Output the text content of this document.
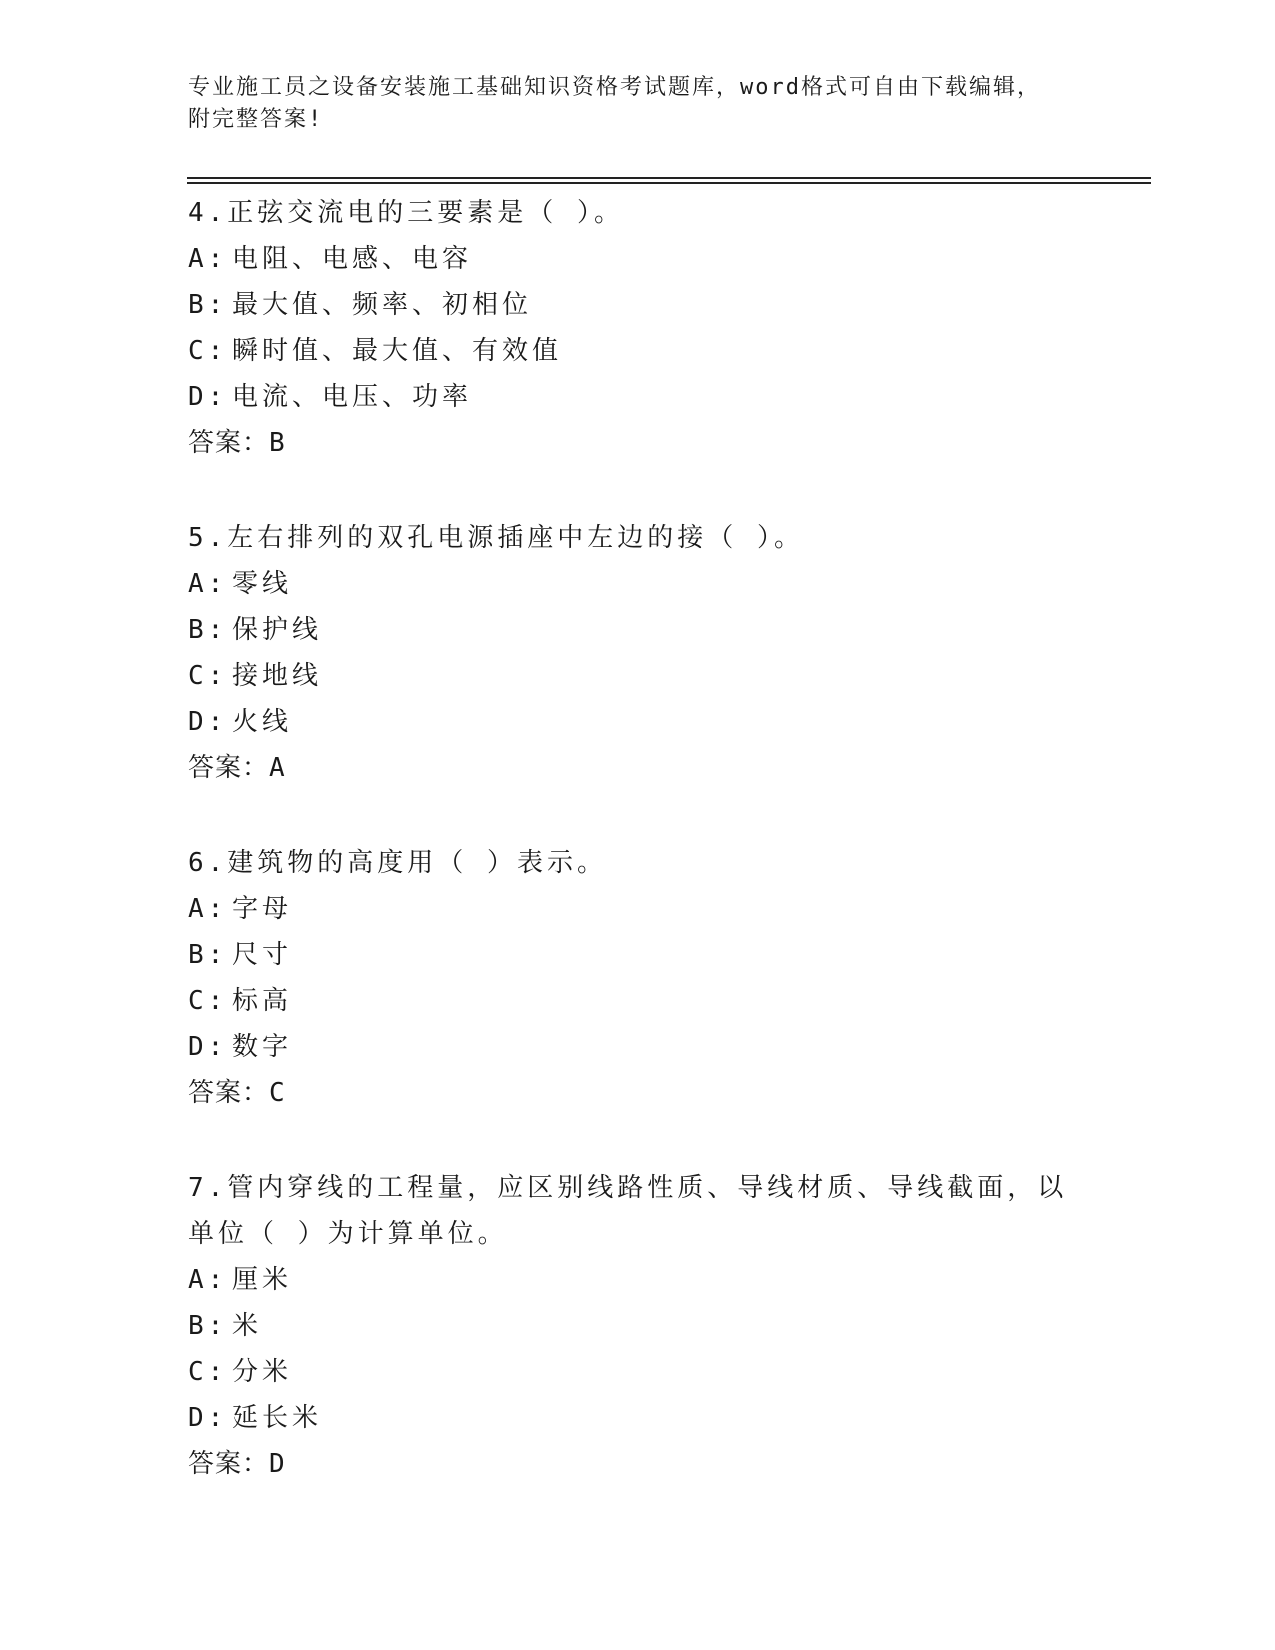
专业施工员之设备安装施工基础知识资格考试题库，word格式可自由下载编辑，
附完整答案!

4.正弦交流电的三要素是（ ）。

A: 电阻、电感、电容
B: 最大值、频率、初相位
C: 瞬时值、最大值、有效值
D: 电流、电压、功率

答案：B

5.左右排列的双孔电源插座中左边的接（ ）。

A: 零线
B: 保护线
C: 接地线
D: 火线

答案：A

6.建筑物的高度用（ ）表示。

A: 字母
B: 尺寸
C: 标高
D: 数字

答案：C

7.管内穿线的工程量，应区别线路性质、导线材质、导线截面，以单位（ ）为计算单位。

A: 厘米
B: 米
C: 分米
D: 延长米

答案：D
